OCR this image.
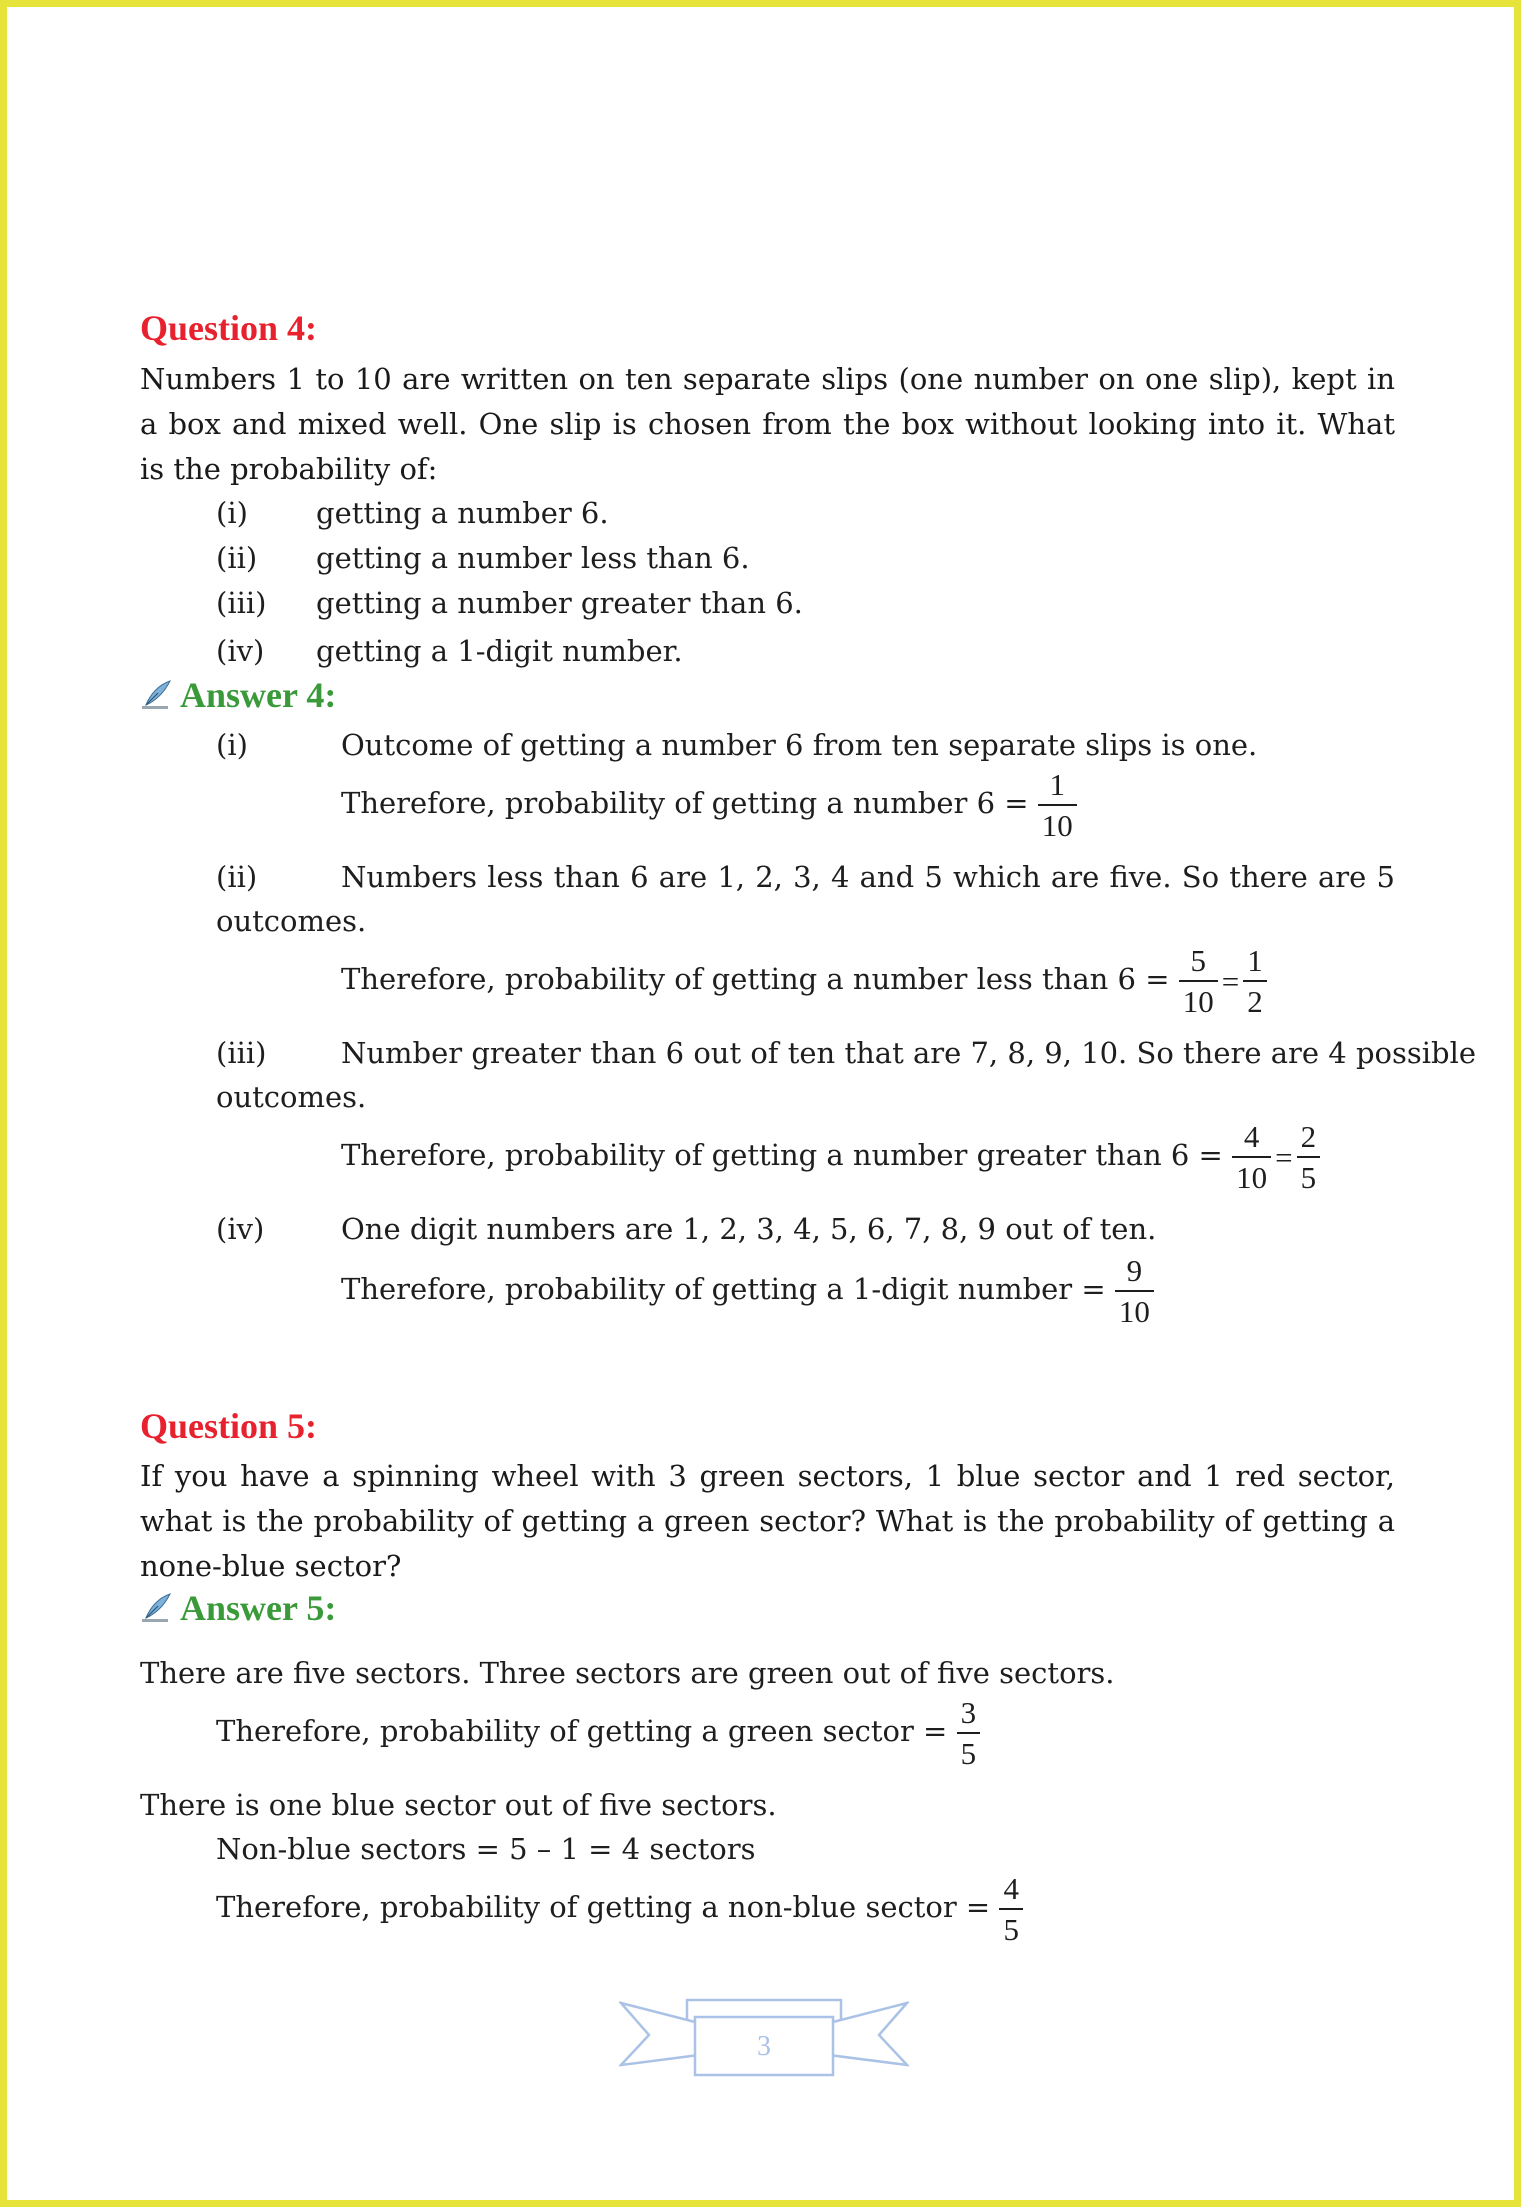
Question 4:
Numbers 1 to 10 are written on ten separate slips (one number on one slip), kept in a box and mixed well. One slip is chosen from the box without looking into it. What is the probability of:
(i) getting a number 6.
(ii) getting a number less than 6.
(iii) getting a number greater than 6.
(iv) getting a 1-digit number.
Answer 4:
(i)	Outcome of getting a number 6 from ten separate slips is one.
Therefore, probability of getting a number $6 = \frac{1}{10}$
(ii)	Numbers less than 6 are 1, 2, 3, 4 and 5 which are five. So there are 5
outcomes.
Therefore, probability of getting a number less than $6 = \frac{5}{10} = \frac{1}{2}$
(iii)	Number greater than 6 out of ten that are 7, 8, 9, 10. So there are 4 possible
outcomes.
Therefore, probability of getting a number greater than $6 = \frac{4}{10} = \frac{2}{5}$
(iv)	One digit numbers are 1, 2, 3, 4, 5, 6, 7, 8, 9 out of ten.
Therefore, probability of getting a 1-digit number = $\frac{9}{10}$
Question 5:
If you have a spinning wheel with 3 green sectors, 1 blue sector and 1 red sector, what is the probability of getting a green sector? What is the probability of getting a none-blue sector?
Answer 5:
There are five sectors. Three sectors are green out of five sectors.
Therefore, probability of getting a green sector = $\frac{3}{5}$
There is one blue sector out of five sectors.
Non-blue sectors = 5 – 1 = 4 sectors
Therefore, probability of getting a non-blue sector = $\frac{4}{5}$
3
